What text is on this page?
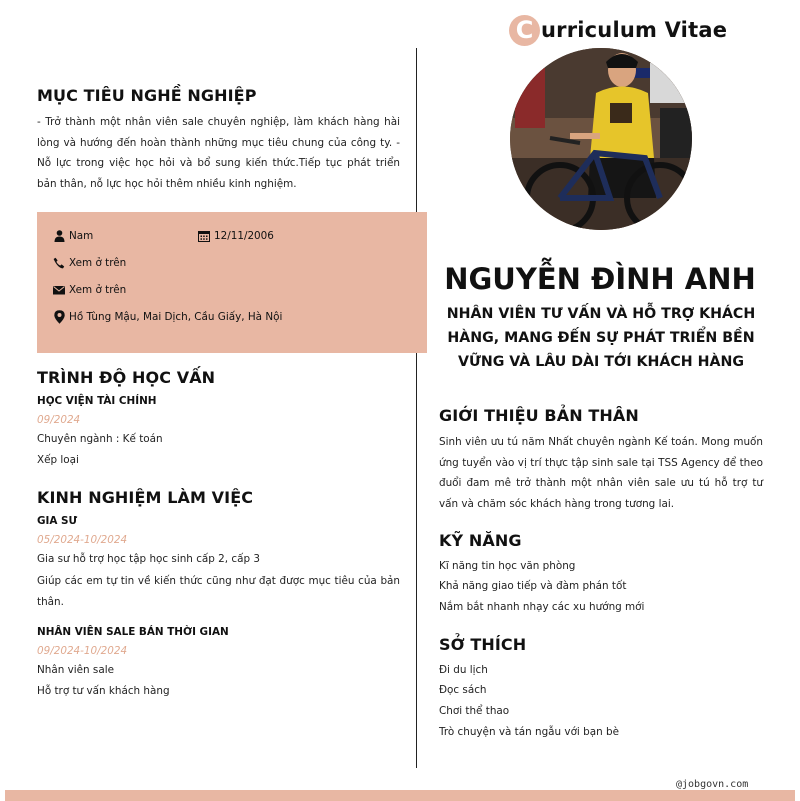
C urriculum Vitae
MỤC TIÊU NGHỀ NGHIỆP

- Trở thành một nhân viên sale chuyên nghiệp, làm khách hàng hài lòng và hướng đến hoàn thành những mục tiêu chung của công ty. - Nỗ lực trong việc học hỏi và bổ sung kiến thức.Tiếp tục phát triển bản thân, nỗ lực học hỏi thêm nhiều kinh nghiệm.

Nam	12/11/2006
Xem ở trên
Xem ở trên
Hồ Tùng Mậu, Mai Dịch, Cầu Giấy, Hà Nội
TRÌNH ĐỘ HỌC VẤN
HỌC VIỆN TÀI CHÍNH
09/2024
Chuyên ngành : Kế toán
Xếp loại
KINH NGHIỆM LÀM VIỆC
GIA SƯ
05/2024-10/2024
Gia sư hỗ trợ học tập học sinh cấp 2, cấp 3

Giúp các em tự tin về kiến thức cũng như đạt được mục tiêu của bản thân.

NHÂN VIÊN SALE BÁN THỜI GIAN
09/2024-10/2024
Nhân viên sale
Hỗ trợ tư vấn khách hàng
NGUYỄN ĐÌNH ANH

NHÂN VIÊN TƯ VẤN VÀ HỖ TRỢ KHÁCH HÀNG, MANG ĐẾN SỰ PHÁT TRIỂN BỀN VỮNG VÀ LÂU DÀI TỚI KHÁCH HÀNG

GIỚI THIỆU BẢN THÂN

Sinh viên ưu tú năm Nhất chuyên ngành Kế toán. Mong muốn ứng tuyển vào vị trí thực tập sinh sale tại TSS Agency để theo đuổi đam mê trở thành một nhân viên sale ưu tú hỗ trợ tư vấn và chăm sóc khách hàng trong tương lai.

KỸ NĂNG
Kĩ năng tin học văn phòng
Khả năng giao tiếp và đàm phán tốt
Nắm bắt nhanh nhạy các xu hướng mới
SỞ THÍCH
Đi du lịch
Đọc sách
Chơi thể thao
Trò chuyện và tán ngẫu với bạn bè
@jobgovn.com
